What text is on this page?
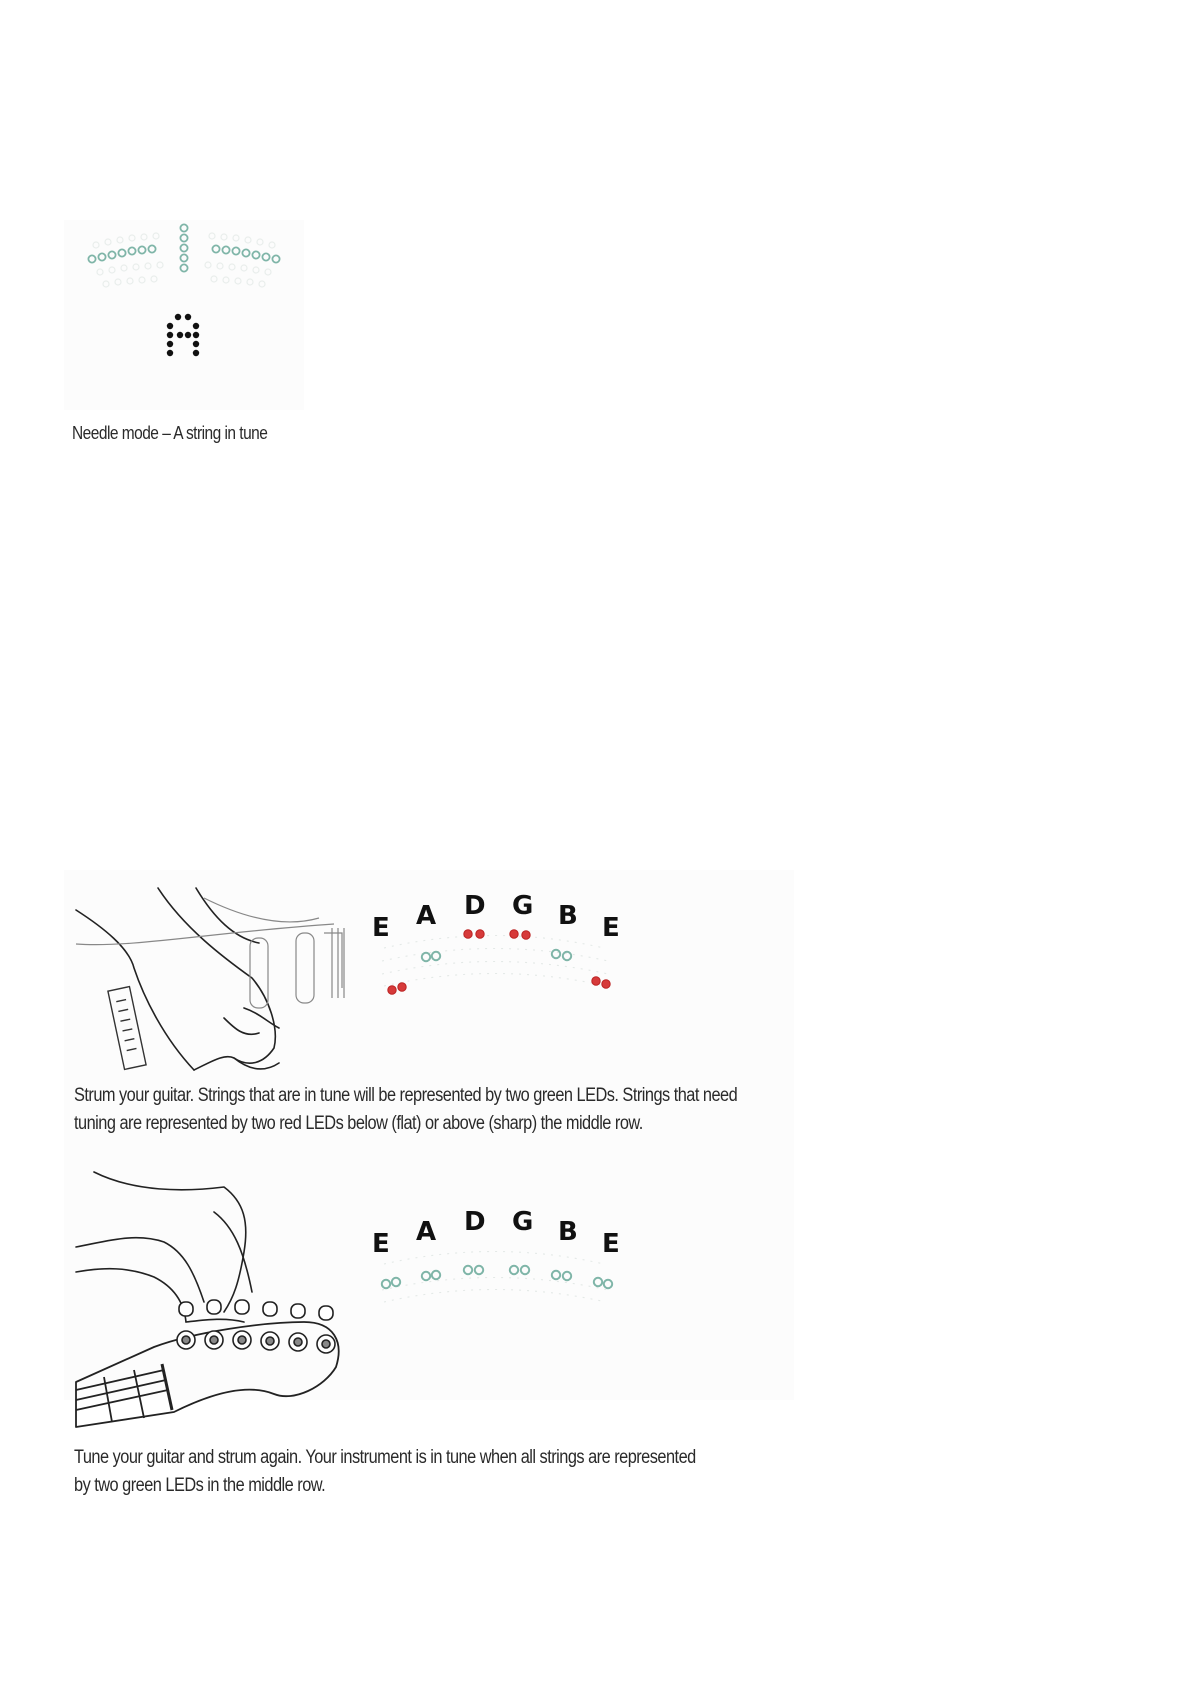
Needle mode – A string in tune
E A D G B E
Strum your guitar. Strings that are in tune will be represented by two green LEDs. Strings that need
tuning are represented by two red LEDs below (flat) or above (sharp) the middle row.
E A D G B E
Tune your guitar and strum again. Your instrument is in tune when all strings are represented
by two green LEDs in the middle row.
